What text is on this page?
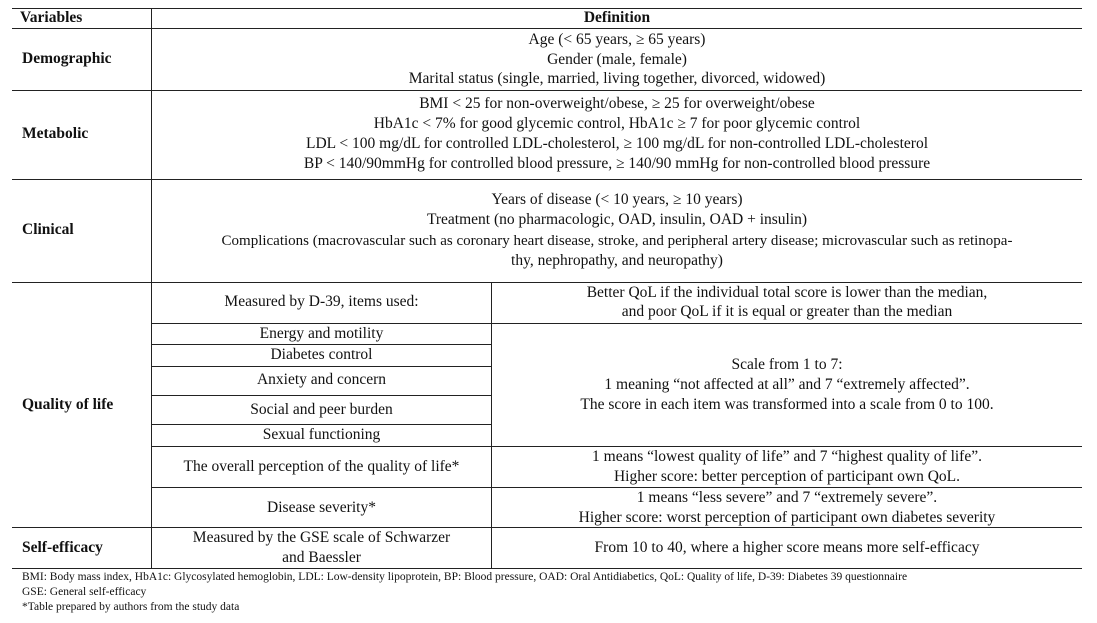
Variables	Definition
Demographic
Age (< 65 years, ≥ 65 years)
Gender (male, female)
Marital status (single, married, living together, divorced, widowed)
Metabolic
BMI < 25 for non-overweight/obese, ≥ 25 for overweight/obese
HbA1c < 7% for good glycemic control, HbA1c ≥ 7 for poor glycemic control
LDL < 100 mg/dL for controlled LDL-cholesterol, ≥ 100 mg/dL for non-controlled LDL-cholesterol
BP < 140/90mmHg for controlled blood pressure, ≥ 140/90 mmHg for non-controlled blood pressure
Clinical
Years of disease (< 10 years, ≥ 10 years)
Treatment (no pharmacologic, OAD, insulin, OAD + insulin)
Complications (macrovascular such as coronary heart disease, stroke, and peripheral artery disease; microvascular such as retinopa-
thy, nephropathy, and neuropathy)
Quality of life
Measured by D-39, items used:
Better QoL if the individual total score is lower than the median,
and poor QoL if it is equal or greater than the median
Energy and motility
Diabetes control
Anxiety and concern
Social and peer burden
Sexual functioning
Scale from 1 to 7:
1 meaning “not affected at all” and 7 “extremely affected”.
The score in each item was transformed into a scale from 0 to 100.
The overall perception of the quality of life*
1 means “lowest quality of life” and 7 “highest quality of life”.
Higher score: better perception of participant own QoL.
Disease severity*
1 means “less severe” and 7 “extremely severe”.
Higher score: worst perception of participant own diabetes severity
Self-efficacy
Measured by the GSE scale of Schwarzer
and Baessler
From 10 to 40, where a higher score means more self-efficacy
BMI: Body mass index, HbA1c: Glycosylated hemoglobin, LDL: Low-density lipoprotein, BP: Blood pressure, OAD: Oral Antidiabetics, QoL: Quality of life, D-39: Diabetes 39 questionnaire
GSE: General self-efficacy
*Table prepared by authors from the study data
